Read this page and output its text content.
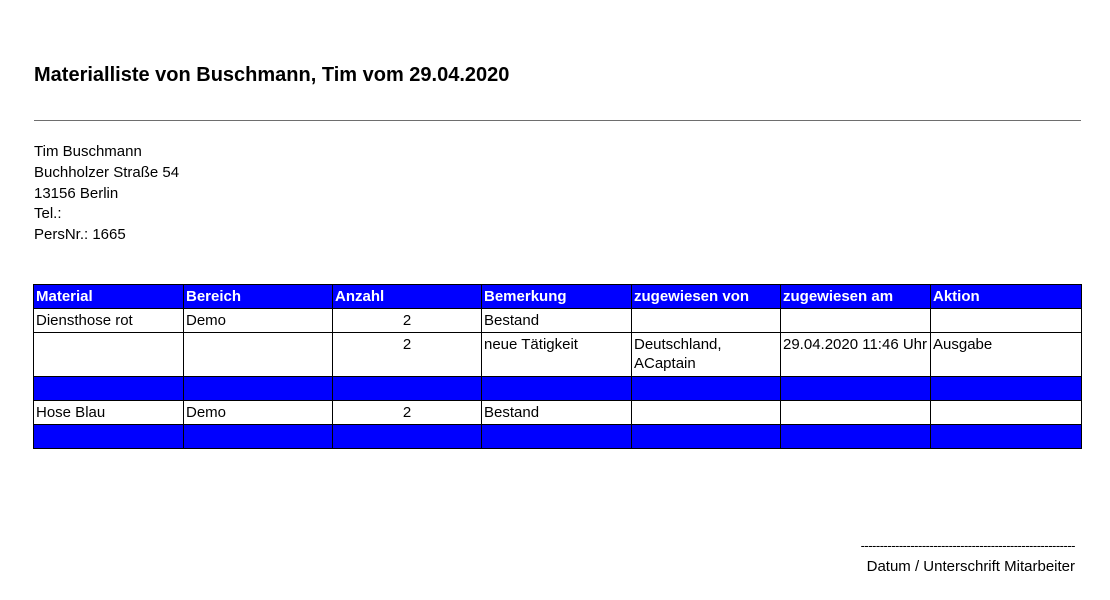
Materialliste von Buschmann, Tim vom 29.04.2020
Tim Buschmann
Buchholzer Straße 54
13156 Berlin
Tel.:
PersNr.: 1665
Material	Bereich	Anzahl	Bemerkung	zugewiesen von	zugewiesen am	Aktion
Diensthose rot	Demo	2	Bestand			
		2	neue Tätigkeit	Deutschland, ACaptain	29.04.2020 11:46 Uhr	Ausgabe

Hose Blau	Demo	2	Bestand			

--------------------------------------------------------
Datum / Unterschrift Mitarbeiter
